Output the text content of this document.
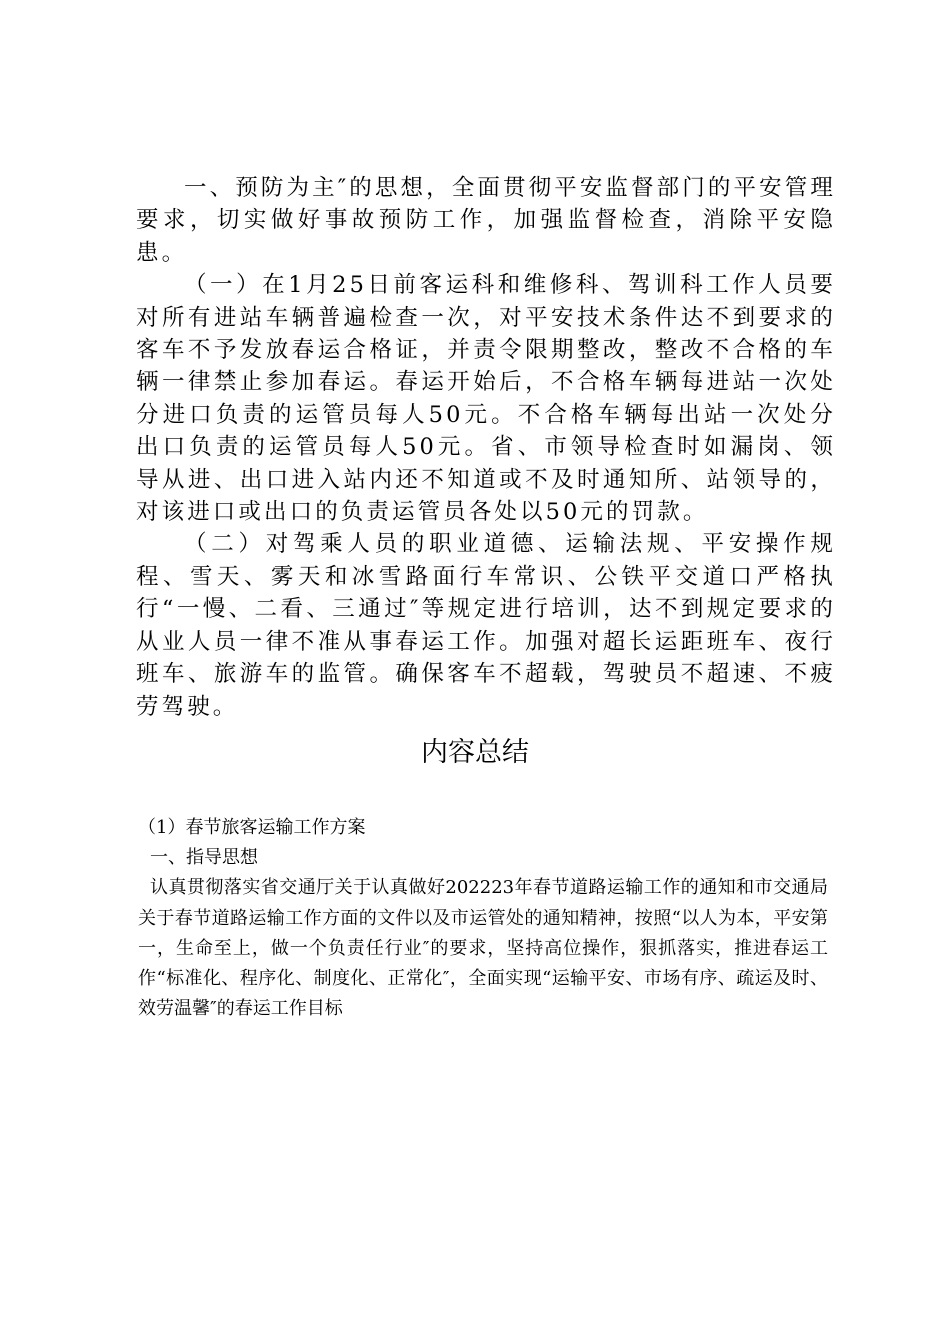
一、预防为主″的思想，全面贯彻平安监督部门的平安管理要求，切实做好事故预防工作，加强监督检查，消除平安隐患。

（一）在1月25日前客运科和维修科、驾训科工作人员要对所有进站车辆普遍检查一次，对平安技术条件达不到要求的客车不予发放春运合格证，并责令限期整改，整改不合格的车辆一律禁止参加春运。春运开始后，不合格车辆每进站一次处分进口负责的运管员每人50元。不合格车辆每出站一次处分出口负责的运管员每人50元。省、市领导检查时如漏岗、领导从进、出口进入站内还不知道或不及时通知所、站领导的，对该进口或出口的负责运管员各处以50元的罚款。

（二）对驾乘人员的职业道德、运输法规、平安操作规程、雪天、雾天和冰雪路面行车常识、公铁平交道口严格执行“一慢、二看、三通过″等规定进行培训，达不到规定要求的从业人员一律不准从事春运工作。加强对超长运距班车、夜行班车、旅游车的监管。确保客车不超载，驾驶员不超速、不疲劳驾驶。

内容总结

（1）春节旅客运输工作方案

一、指导思想

认真贯彻落实省交通厅关于认真做好202223年春节道路运输工作的通知和市交通局关于春节道路运输工作方面的文件以及市运管处的通知精神，按照“以人为本，平安第一，生命至上，做一个负责任行业″的要求，坚持高位操作，狠抓落实，推进春运工作“标准化、程序化、制度化、正常化″，全面实现“运输平安、市场有序、疏运及时、效劳温馨″的春运工作目标
